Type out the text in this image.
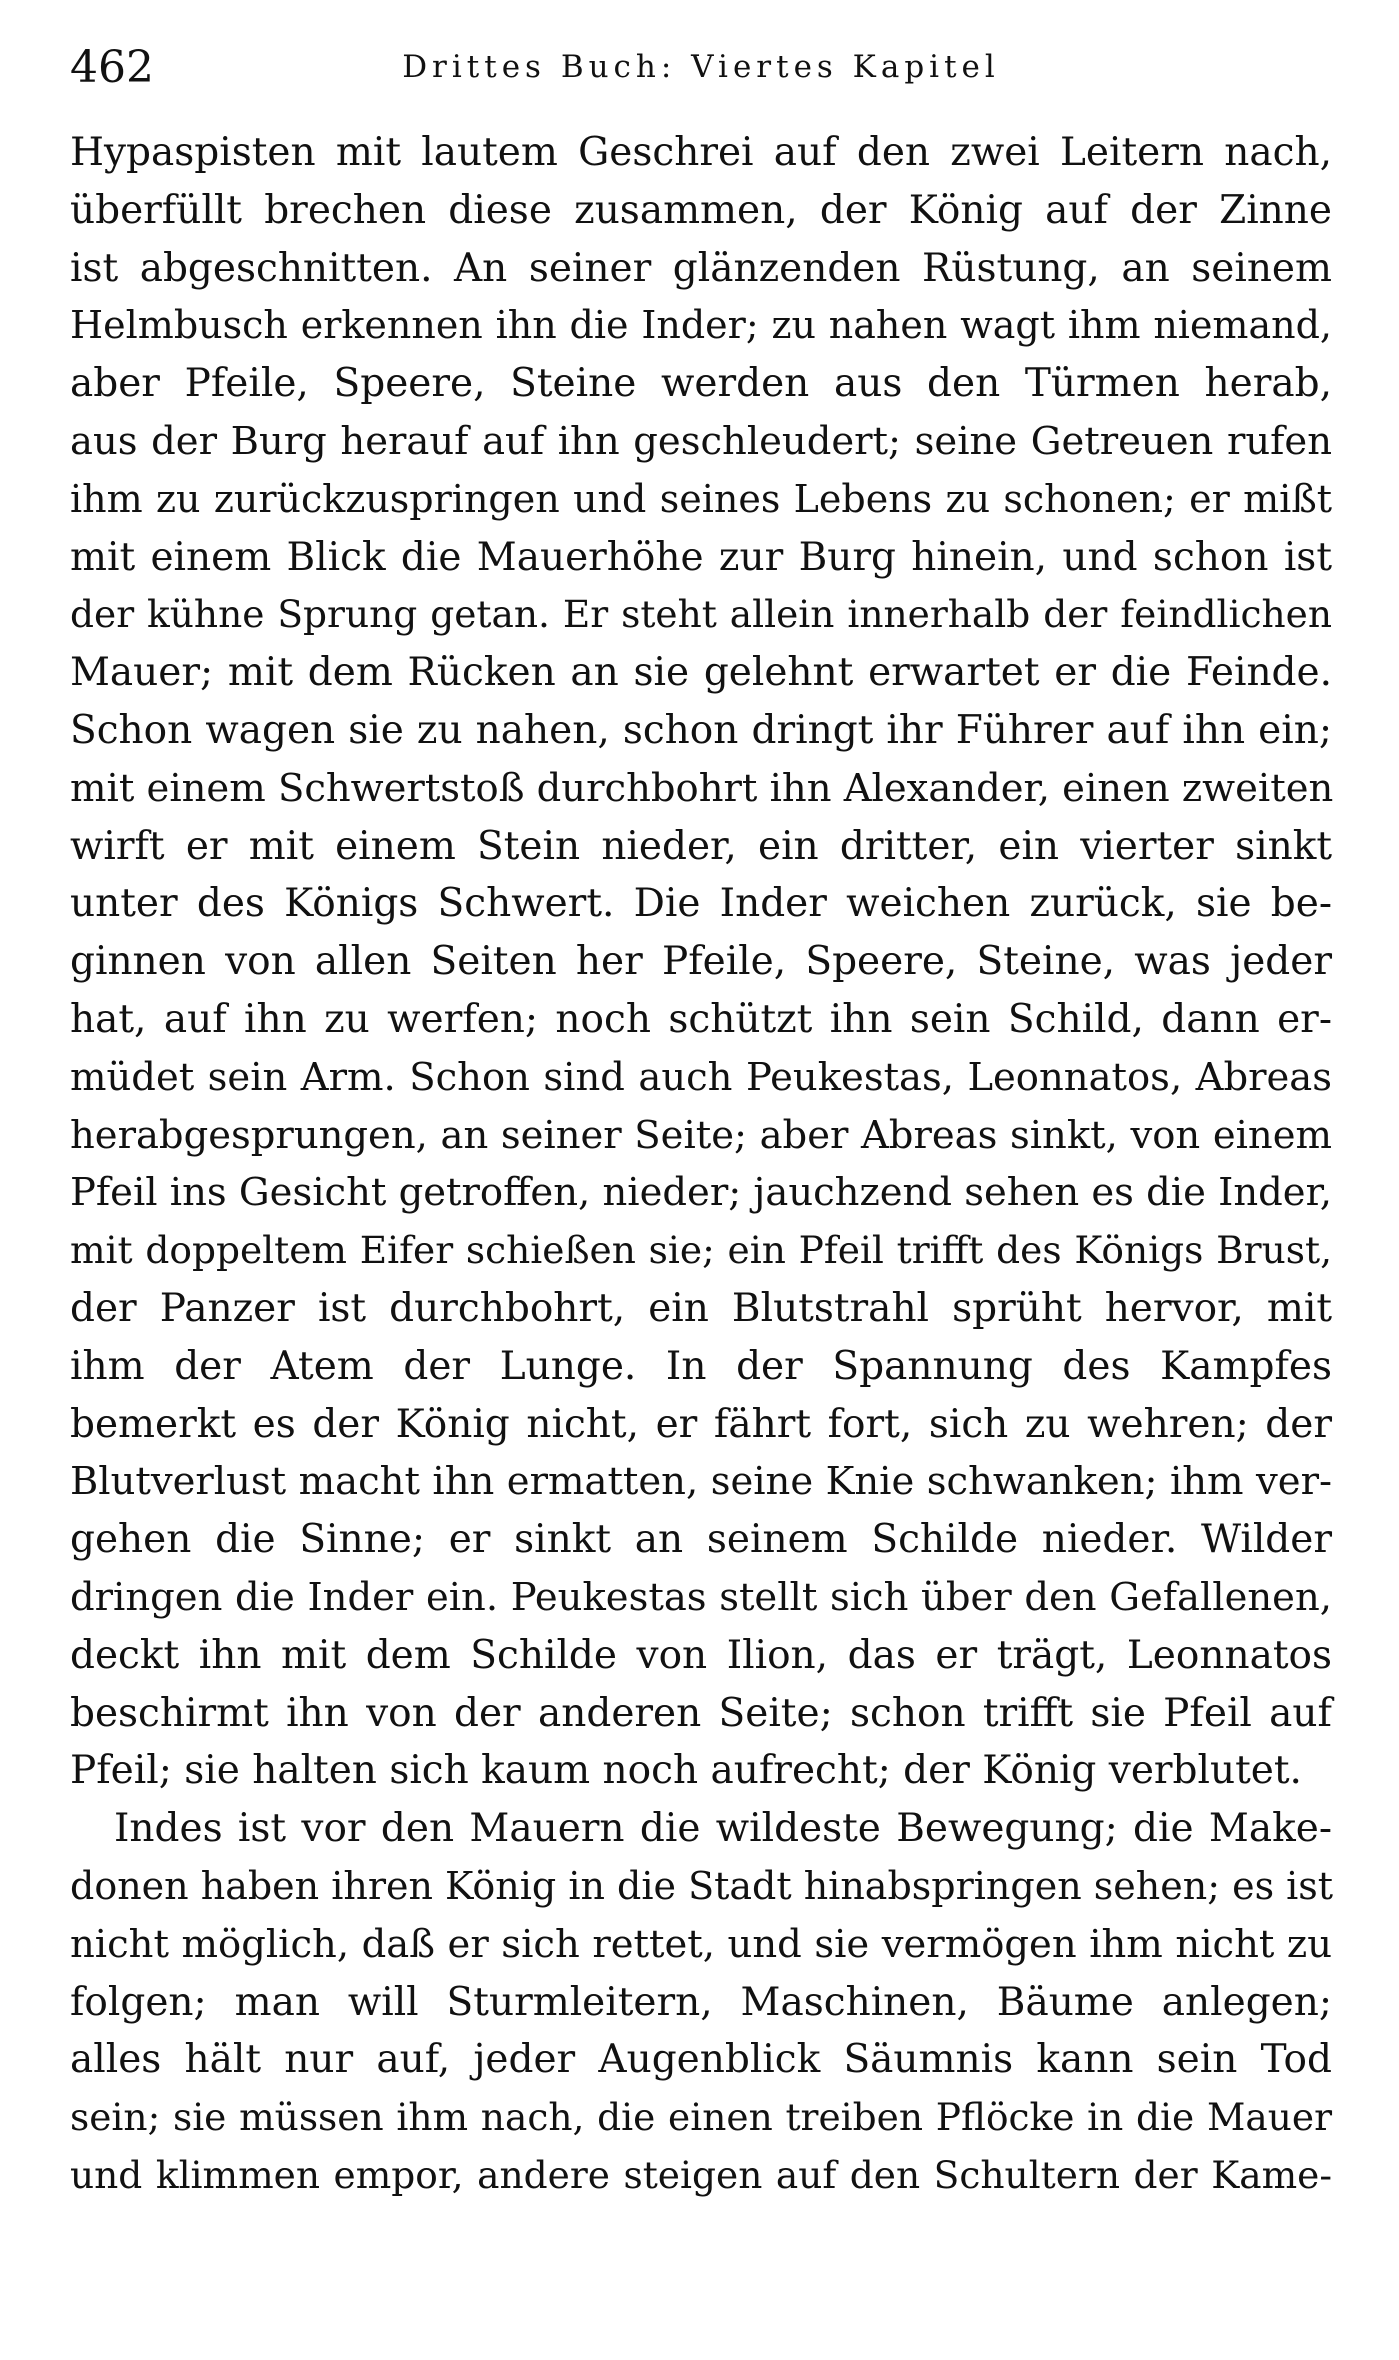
462	Drittes Buch: Viertes Kapitel
Hypaspisten mit lautem Geschrei auf den zwei Leitern nach,
überfüllt brechen diese zusammen, der König auf der Zinne
ist abgeschnitten. An seiner glänzenden Rüstung, an seinem
Helmbusch erkennen ihn die Inder; zu nahen wagt ihm niemand,
aber Pfeile, Speere, Steine werden aus den Türmen herab,
aus der Burg herauf auf ihn geschleudert; seine Getreuen rufen
ihm zu zurückzuspringen und seines Lebens zu schonen; er mißt
mit einem Blick die Mauerhöhe zur Burg hinein, und schon ist
der kühne Sprung getan. Er steht allein innerhalb der feindlichen
Mauer; mit dem Rücken an sie gelehnt erwartet er die Feinde.
Schon wagen sie zu nahen, schon dringt ihr Führer auf ihn ein;
mit einem Schwertstoß durchbohrt ihn Alexander, einen zweiten
wirft er mit einem Stein nieder, ein dritter, ein vierter sinkt
unter des Königs Schwert. Die Inder weichen zurück, sie be-
ginnen von allen Seiten her Pfeile, Speere, Steine, was jeder
hat, auf ihn zu werfen; noch schützt ihn sein Schild, dann er-
müdet sein Arm. Schon sind auch Peukestas, Leonnatos, Abreas
herabgesprungen, an seiner Seite; aber Abreas sinkt, von einem
Pfeil ins Gesicht getroffen, nieder; jauchzend sehen es die Inder,
mit doppeltem Eifer schießen sie; ein Pfeil trifft des Königs Brust,
der Panzer ist durchbohrt, ein Blutstrahl sprüht hervor, mit
ihm der Atem der Lunge. In der Spannung des Kampfes
bemerkt es der König nicht, er fährt fort, sich zu wehren; der
Blutverlust macht ihn ermatten, seine Knie schwanken; ihm ver-
gehen die Sinne; er sinkt an seinem Schilde nieder. Wilder
dringen die Inder ein. Peukestas stellt sich über den Gefallenen,
deckt ihn mit dem Schilde von Ilion, das er trägt, Leonnatos
beschirmt ihn von der anderen Seite; schon trifft sie Pfeil auf
Pfeil; sie halten sich kaum noch aufrecht; der König verblutet.
Indes ist vor den Mauern die wildeste Bewegung; die Make-
donen haben ihren König in die Stadt hinabspringen sehen; es ist
nicht möglich, daß er sich rettet, und sie vermögen ihm nicht zu
folgen; man will Sturmleitern, Maschinen, Bäume anlegen;
alles hält nur auf, jeder Augenblick Säumnis kann sein Tod
sein; sie müssen ihm nach, die einen treiben Pflöcke in die Mauer
und klimmen empor, andere steigen auf den Schultern der Kame-
